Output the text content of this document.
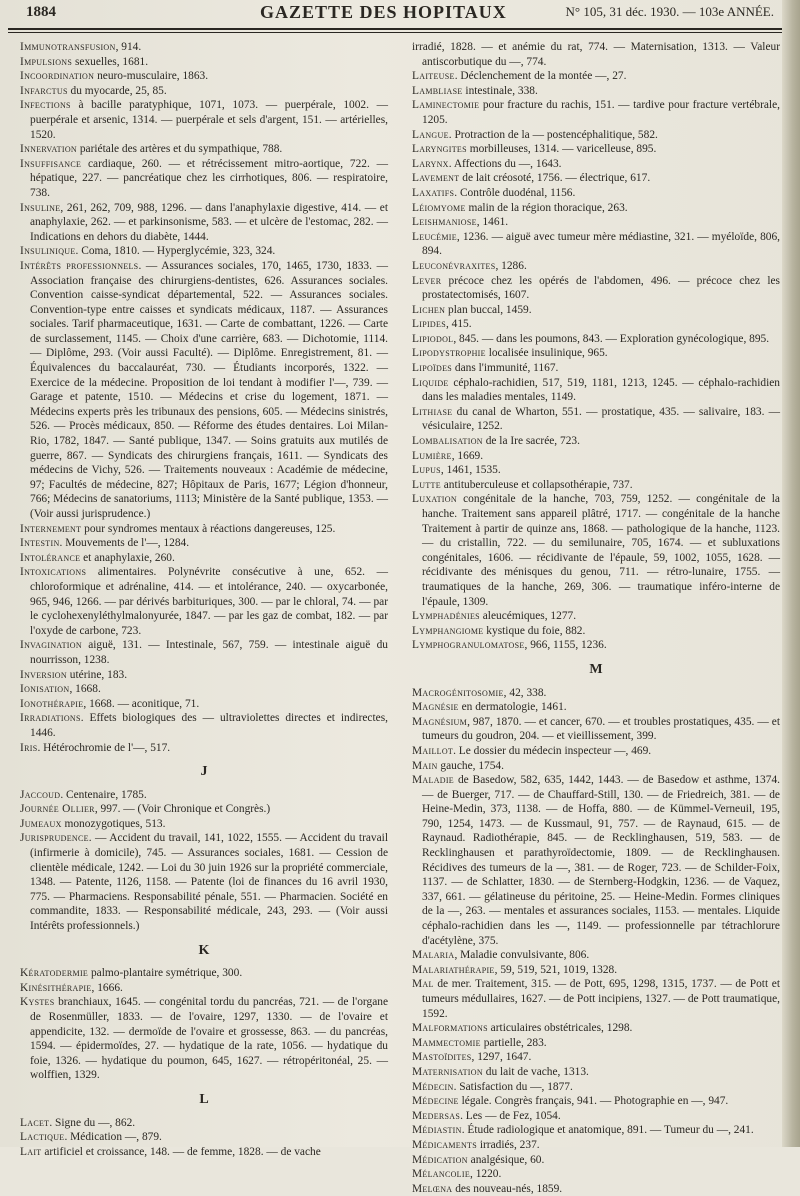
1884	GAZETTE DES HOPITAUX	N° 105, 31 déc. 1930. — 103e ANNÉE.

Immunotransfusion, 914.

Impulsions sexuelles, 1681.

Incoordination neuro-musculaire, 1863.

Infarctus du myocarde, 25, 85.

Infections à bacille paratyphique, 1071, 1073. — puerpérale, 1002. — puerpérale et arsenic, 1314. — puerpérale et sels d'argent, 151. — artérielles, 1520.

Innervation pariétale des artères et du sympathique, 788.

Insuffisance cardiaque, 260. — et rétrécissement mitro-aortique, 722. — hépatique, 227. — pancréatique chez les cirrhotiques, 806. — respiratoire, 738.

Insuline, 261, 262, 709, 988, 1296. — dans l'anaphylaxie digestive, 414. — et anaphylaxie, 262. — et parkinsonisme, 583. — et ulcère de l'estomac, 282. — Indications en dehors du diabète, 1444.

Insulinique. Coma, 1810. — Hyperglycémie, 323, 324.

Intérêts professionnels. — Assurances sociales, 170, 1465, 1730, 1833. — Association française des chirurgiens-dentistes, 626. Assurances sociales. Convention caisse-syndicat départemental, 522. — Assurances sociales. Convention-type entre caisses et syndicats médicaux, 1187. — Assurances sociales. Tarif pharmaceutique, 1631. — Carte de combattant, 1226. — Carte de surclassement, 1145. — Choix d'une carrière, 683. — Dichotomie, 1114. — Diplôme, 293. (Voir aussi Faculté). — Diplôme. Enregistrement, 81. — Équivalences du baccalauréat, 730. — Étudiants incorporés, 1322. — Exercice de la médecine. Proposition de loi tendant à modifier l'—, 739. — Garage et patente, 1510. — Médecins et crise du logement, 1871. — Médecins experts près les tribunaux des pensions, 605. — Médecins sinistrés, 526. — Procès médicaux, 850. — Réforme des études dentaires. Loi Milan-Rio, 1782, 1847. — Santé publique, 1347. — Soins gratuits aux mutilés de guerre, 867. — Syndicats des chirurgiens français, 1611. — Syndicats des médecins de Vichy, 526. — Traitements nouveaux : Académie de médecine, 97; Facultés de médecine, 827; Hôpitaux de Paris, 1677; Légion d'honneur, 766; Médecins de sanatoriums, 1113; Ministère de la Santé publique, 1353. — (Voir aussi jurisprudence.)

Internement pour syndromes mentaux à réactions dangereuses, 125.

Intestin. Mouvements de l'—, 1284.

Intolérance et anaphylaxie, 260.

Intoxications alimentaires. Polynévrite consécutive à une, 652. — chloroformique et adrénaline, 414. — et intolérance, 240. — oxycarbonée, 965, 946, 1266. — par dérivés barbituriques, 300. — par le chloral, 74. — par le cyclohexenyléthylmalonyurée, 1847. — par les gaz de combat, 182. — par l'oxyde de carbone, 723.

Invagination aiguë, 131. — Intestinale, 567, 759. — intestinale aiguë du nourrisson, 1238.

Inversion utérine, 183.

Ionisation, 1668.

Ionothérapie, 1668. — aconitique, 71.

Irradiations. Effets biologiques des — ultraviolettes directes et indirectes, 1446.

Iris. Hétérochromie de l'—, 517.

J

Jaccoud. Centenaire, 1785.

Journée Ollier, 997. — (Voir Chronique et Congrès.)

Jumeaux monozygotiques, 513.

Jurisprudence. — Accident du travail, 141, 1022, 1555. — Accident du travail (infirmerie à domicile), 745. — Assurances sociales, 1681. — Cession de clientèle médicale, 1242. — Loi du 30 juin 1926 sur la propriété commerciale, 1348. — Patente, 1126, 1158. — Patente (loi de finances du 16 avril 1930, 775. — Pharmaciens. Responsabilité pénale, 551. — Pharmacien. Société en commandite, 1833. — Responsabilité médicale, 243, 293. — (Voir aussi Intérêts professionnels.)

K

Kératodermie palmo-plantaire symétrique, 300.

Kinésithérapie, 1666.

Kystes branchiaux, 1645. — congénital tordu du pancréas, 721. — de l'organe de Rosenmüller, 1833. — de l'ovaire, 1297, 1330. — de l'ovaire et appendicite, 132. — dermoïde de l'ovaire et grossesse, 863. — du pancréas, 1594. — épidermoïdes, 27. — hydatique de la rate, 1056. — hydatique du foie, 1326. — hydatique du poumon, 645, 1627. — rétropéritonéal, 25. — wolffien, 1329.

L

Lacet. Signe du —, 862.

Lactique. Médication —, 879.

Lait artificiel et croissance, 148. — de femme, 1828. — de vache

irradié, 1828. — et anémie du rat, 774. — Maternisation, 1313. — Valeur antiscorbutique du —, 774.

Laiteuse. Déclenchement de la montée —, 27.

Lambliase intestinale, 338.

Laminectomie pour fracture du rachis, 151. — tardive pour fracture vertébrale, 1205.

Langue. Protraction de la — postencéphalitique, 582.

Laryngites morbilleuses, 1314. — varicelleuse, 895.

Larynx. Affections du —, 1643.

Lavement de lait créosoté, 1756. — électrique, 617.

Laxatifs. Contrôle duodénal, 1156.

Léiomyome malin de la région thoracique, 263.

Leishmaniose, 1461.

Leucémie, 1236. — aiguë avec tumeur mère médiastine, 321. — myéloïde, 806, 894.

Leuconévraxites, 1286.

Lever précoce chez les opérés de l'abdomen, 496. — précoce chez les prostatectomisés, 1607.

Lichen plan buccal, 1459.

Lipides, 415.

Lipiodol, 845. — dans les poumons, 843. — Exploration gynécologique, 895.

Lipodystrophie localisée insulinique, 965.

Lipoïdes dans l'immunité, 1167.

Liquide céphalo-rachidien, 517, 519, 1181, 1213, 1245. — céphalo-rachidien dans les maladies mentales, 1149.

Lithiase du canal de Wharton, 551. — prostatique, 435. — salivaire, 183. — vésiculaire, 1252.

Lombalisation de la Ire sacrée, 723.

Lumière, 1669.

Lupus, 1461, 1535.

Lutte antituberculeuse et collapsothérapie, 737.

Luxation congénitale de la hanche, 703, 759, 1252. — congénitale de la hanche. Traitement sans appareil plâtré, 1717. — congénitale de la hanche Traitement à partir de quinze ans, 1868. — pathologique de la hanche, 1123. — du cristallin, 722. — du semilunaire, 705, 1674. — et subluxations congénitales, 1606. — récidivante de l'épaule, 59, 1002, 1055, 1628. — récidivante des ménisques du genou, 711. — rétro-lunaire, 1755. — traumatiques de la hanche, 269, 306. — traumatique inféro-interne de l'épaule, 1309.

Lymphadénies aleucémiques, 1277.

Lymphangiome kystique du foie, 882.

Lymphogranulomatose, 966, 1155, 1236.

M

Macrogénitosomie, 42, 338.

Magnésie en dermatologie, 1461.

Magnésium, 987, 1870. — et cancer, 670. — et troubles prostatiques, 435. — et tumeurs du goudron, 204. — et vieillissement, 399.

Maillot. Le dossier du médecin inspecteur —, 469.

Main gauche, 1754.

Maladie de Basedow, 582, 635, 1442, 1443. — de Basedow et asthme, 1374. — de Buerger, 717. — de Chauffard-Still, 130. — de Friedreich, 381. — de Heine-Medin, 373, 1138. — de Hoffa, 880. — de Kümmel-Verneuil, 195, 790, 1254, 1473. — de Kussmaul, 91, 757. — de Raynaud, 615. — de Raynaud. Radiothérapie, 845. — de Recklinghausen, 519, 583. — de Recklinghausen et parathyroïdectomie, 1809. — de Recklinghausen. Récidives des tumeurs de la —, 381. — de Roger, 723. — de Schilder-Foix, 1137. — de Schlatter, 1830. — de Sternberg-Hodgkin, 1236. — de Vaquez, 337, 661. — gélatineuse du péritoine, 25. — Heine-Medin. Formes cliniques de la —, 263. — mentales et assurances sociales, 1153. — mentales. Liquide céphalo-rachidien dans les —, 1149. — professionnelle par tétrachlorure d'acétylène, 375.

Malaria, Maladie convulsivante, 806.

Malariathérapie, 59, 519, 521, 1019, 1328.

Mal de mer. Traitement, 315. — de Pott, 695, 1298, 1315, 1737. — de Pott et tumeurs médullaires, 1627. — de Pott incipiens, 1327. — de Pott traumatique, 1592.

Malformations articulaires obstétricales, 1298.

Mammectomie partielle, 283.

Mastoïdites, 1297, 1647.

Maternisation du lait de vache, 1313.

Médecin. Satisfaction du —, 1877.

Médecine légale. Congrès français, 941. — Photographie en —, 947.

Medersas. Les — de Fez, 1054.

Médiastin. Étude radiologique et anatomique, 891. — Tumeur du —, 241.

Médicaments irradiés, 237.

Médication analgésique, 60.

Mélancolie, 1220.

Melœna des nouveau-nés, 1859.
